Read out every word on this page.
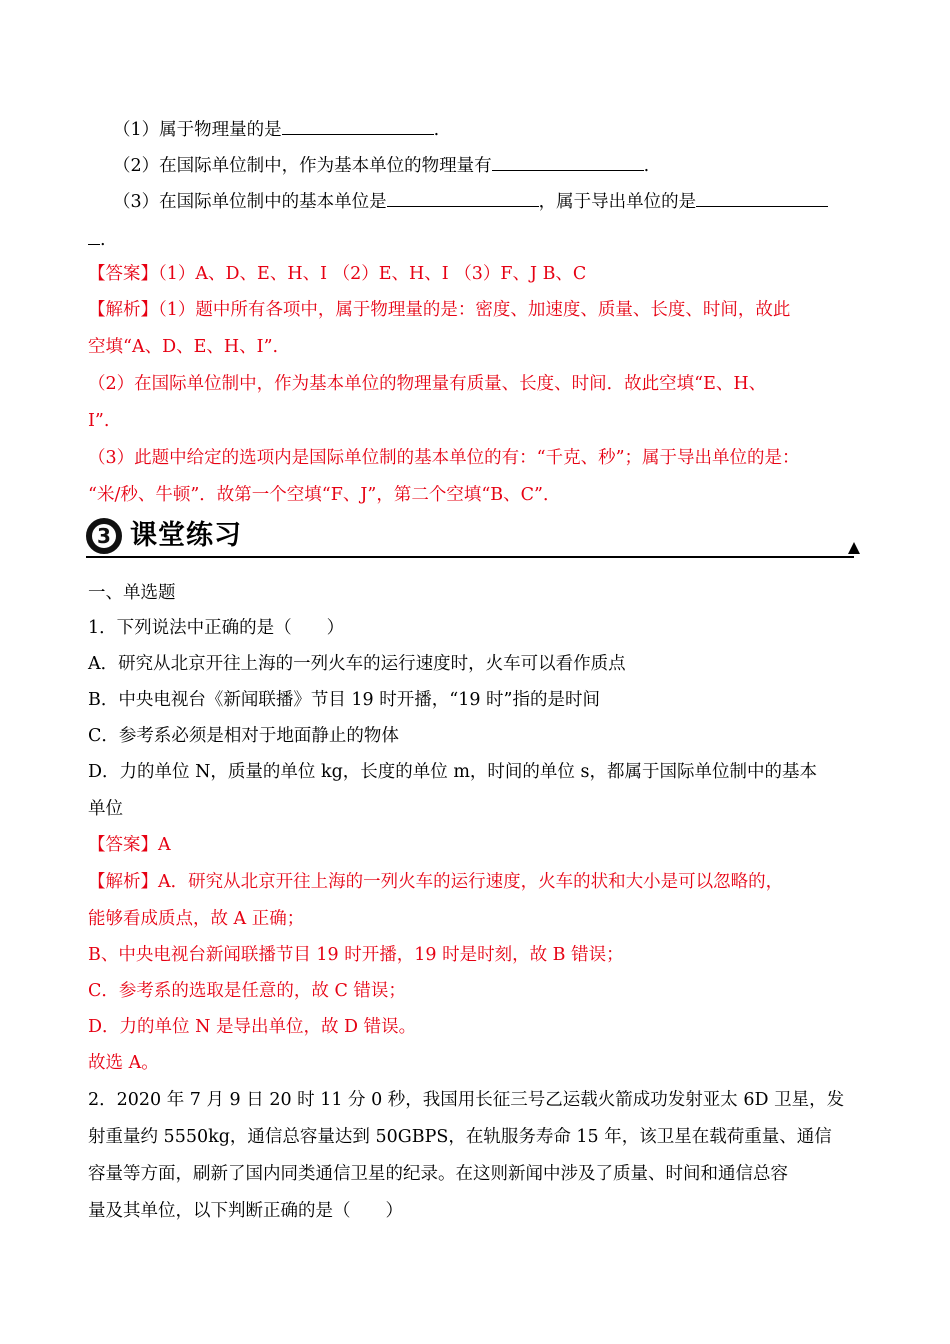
（1）属于物理量的是	.
（2）在国际单位制中，作为基本单位的物理量有	.
（3）在国际单位制中的基本单位是	，属于导出单位的是
.
【答案】（1）A、D、E、H、I （2）E、H、I （3）F、J B、C
【解析】（1）题中所有各项中，属于物理量的是：密度、加速度、质量、长度、时间，故此
空填“A、D、E、H、I”.
（2）在国际单位制中，作为基本单位的物理量有质量、长度、时间．故此空填“E、H、
I”.
（3）此题中给定的选项内是国际单位制的基本单位的有：“千克、秒”；属于导出单位的是：
“米/秒、牛顿”．故第一个空填“F、J”，第二个空填“B、C”．
3 课堂练习
一、单选题
1．下列说法中正确的是（　　）
A．研究从北京开往上海的一列火车的运行速度时，火车可以看作质点
B．中央电视台《新闻联播》节目 19 时开播，“19 时”指的是时间
C．参考系必须是相对于地面静止的物体
D．力的单位 N，质量的单位 kg，长度的单位 m，时间的单位 s，都属于国际单位制中的基本
单位
【答案】A
【解析】A．研究从北京开往上海的一列火车的运行速度，火车的状和大小是可以忽略的，
能够看成质点，故 A 正确；
B、中央电视台新闻联播节目 19 时开播，19 时是时刻，故 B 错误；
C．参考系的选取是任意的，故 C 错误；
D．力的单位 N 是导出单位，故 D 错误。
故选 A。
2．2020 年 7 月 9 日 20 时 11 分 0 秒，我国用长征三号乙运载火箭成功发射亚太 6D 卫星，发
射重量约 5550kg，通信总容量达到 50GBPS，在轨服务寿命 15 年，该卫星在载荷重量、通信
容量等方面，刷新了国内同类通信卫星的纪录。在这则新闻中涉及了质量、时间和通信总容
量及其单位，以下判断正确的是（　　）
